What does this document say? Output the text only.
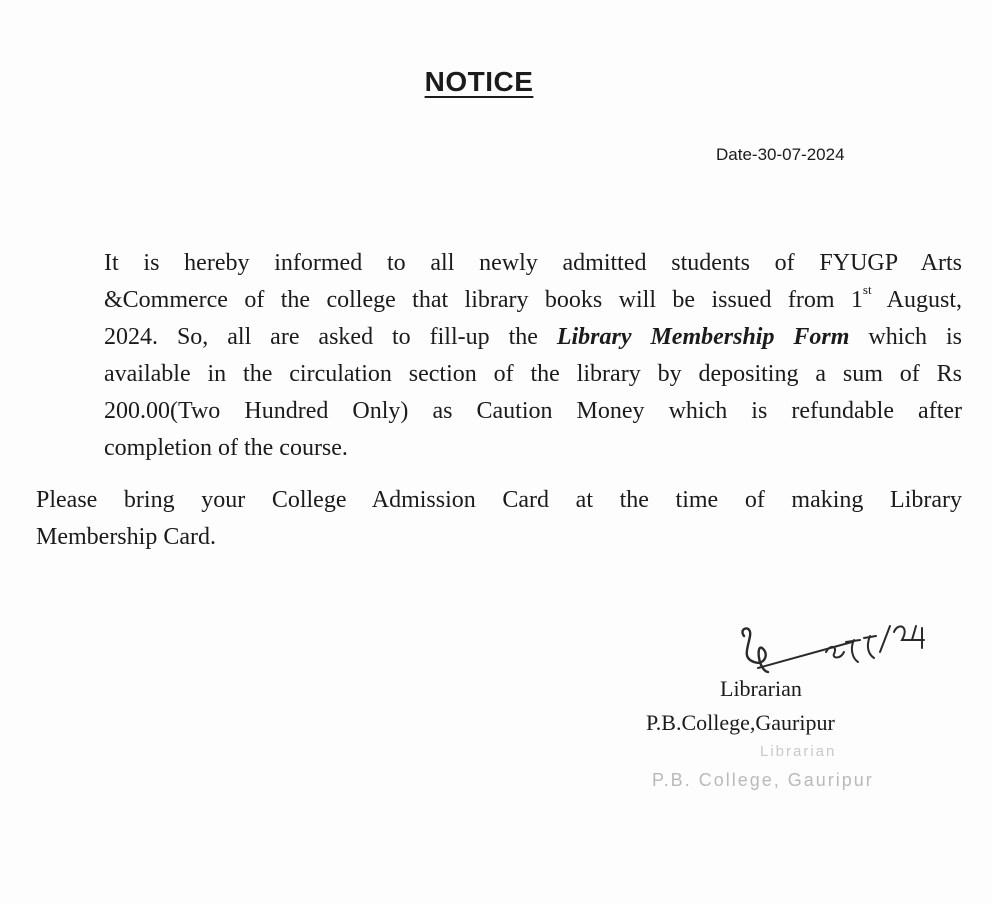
NOTICE
Date-30-07-2024
It is hereby informed to all newly admitted students of FYUGP Arts
&Commerce of the college that library books will be issued from 1st August,
2024. So, all are asked to fill-up the Library Membership Form which is
available in the circulation section of the library by depositing a sum of Rs
200.00(Two Hundred Only) as Caution Money which is refundable after
completion of the course.
Please bring your College Admission Card at the time of making Library
Membership Card.
Librarian
P.B.College,Gauripur
Librarian
P.B. College, Gauripur
